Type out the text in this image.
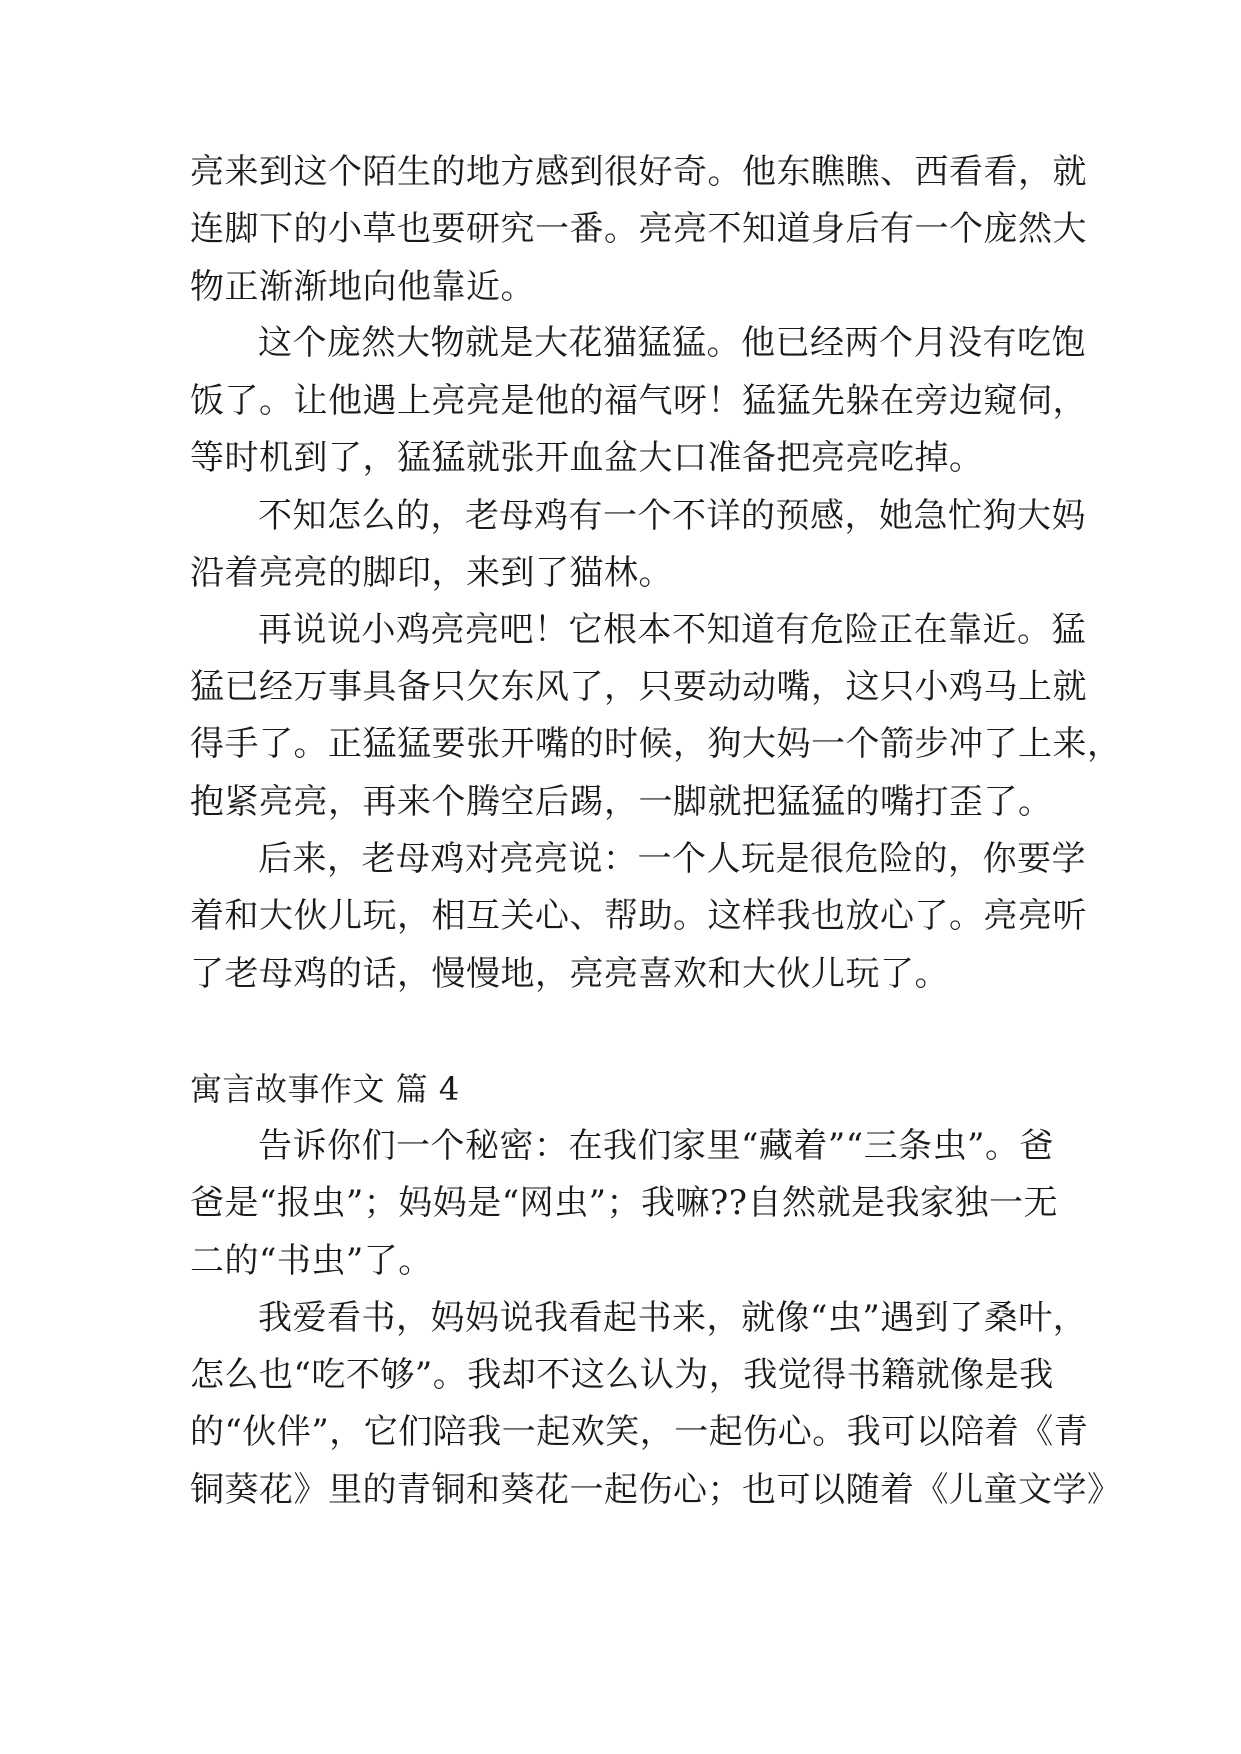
亮来到这个陌生的地方感到很好奇。他东瞧瞧、西看看，就
连脚下的小草也要研究一番。亮亮不知道身后有一个庞然大
物正渐渐地向他靠近。
这个庞然大物就是大花猫猛猛。他已经两个月没有吃饱
饭了。让他遇上亮亮是他的福气呀！猛猛先躲在旁边窥伺，
等时机到了，猛猛就张开血盆大口准备把亮亮吃掉。
不知怎么的，老母鸡有一个不详的预感，她急忙狗大妈
沿着亮亮的脚印，来到了猫林。
再说说小鸡亮亮吧！它根本不知道有危险正在靠近。猛
猛已经万事具备只欠东风了，只要动动嘴，这只小鸡马上就
得手了。正猛猛要张开嘴的时候，狗大妈一个箭步冲了上来，
抱紧亮亮，再来个腾空后踢，一脚就把猛猛的嘴打歪了。
后来，老母鸡对亮亮说：一个人玩是很危险的，你要学
着和大伙儿玩，相互关心、帮助。这样我也放心了。亮亮听
了老母鸡的话，慢慢地，亮亮喜欢和大伙儿玩了。
寓言故事作文 篇 4
告诉你们一个秘密：在我们家里“藏着”“三条虫”。爸
爸是“报虫”；妈妈是“网虫”；我嘛??自然就是我家独一无
二的“书虫”了。
我爱看书，妈妈说我看起书来，就像“虫”遇到了桑叶，
怎么也“吃不够”。我却不这么认为，我觉得书籍就像是我
的“伙伴”，它们陪我一起欢笑，一起伤心。我可以陪着《青
铜葵花》里的青铜和葵花一起伤心；也可以随着《儿童文学》
